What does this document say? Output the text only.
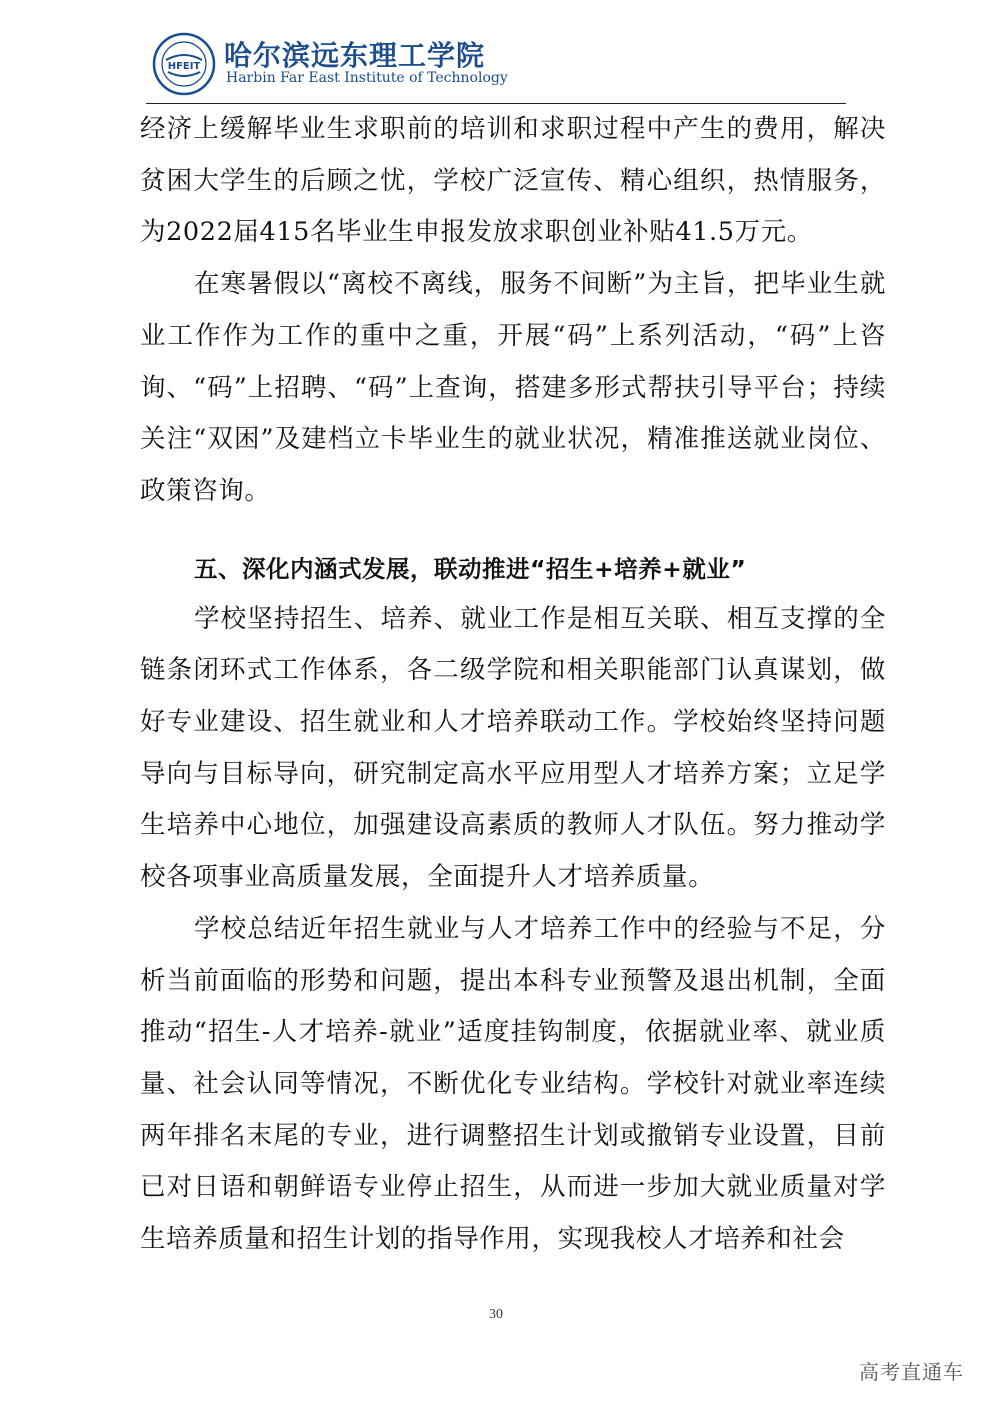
HFEIT 哈尔滨远东理工学院
Harbin Far East Institute of Technology

经济上缓解毕业生求职前的培训和求职过程中产生的费用，解决贫困大学生的后顾之忧，学校广泛宣传、精心组织，热情服务，为2022届415名毕业生申报发放求职创业补贴41.5万元。

在寒暑假以“离校不离线，服务不间断”为主旨，把毕业生就业工作作为工作的重中之重，开展“码”上系列活动，“码”上咨询、“码”上招聘、“码”上查询，搭建多形式帮扶引导平台；持续关注“双困”及建档立卡毕业生的就业状况，精准推送就业岗位、政策咨询。

五、深化内涵式发展，联动推进“招生+培养+就业”

学校坚持招生、培养、就业工作是相互关联、相互支撑的全链条闭环式工作体系，各二级学院和相关职能部门认真谋划，做好专业建设、招生就业和人才培养联动工作。学校始终坚持问题导向与目标导向，研究制定高水平应用型人才培养方案；立足学生培养中心地位，加强建设高素质的教师人才队伍。努力推动学校各项事业高质量发展，全面提升人才培养质量。

学校总结近年招生就业与人才培养工作中的经验与不足，分析当前面临的形势和问题，提出本科专业预警及退出机制，全面推动“招生-人才培养-就业”适度挂钩制度，依据就业率、就业质量、社会认同等情况，不断优化专业结构。学校针对就业率连续两年排名末尾的专业，进行调整招生计划或撤销专业设置，目前已对日语和朝鲜语专业停止招生，从而进一步加大就业质量对学生培养质量和招生计划的指导作用，实现我校人才培养和社会

30
高考直通车
